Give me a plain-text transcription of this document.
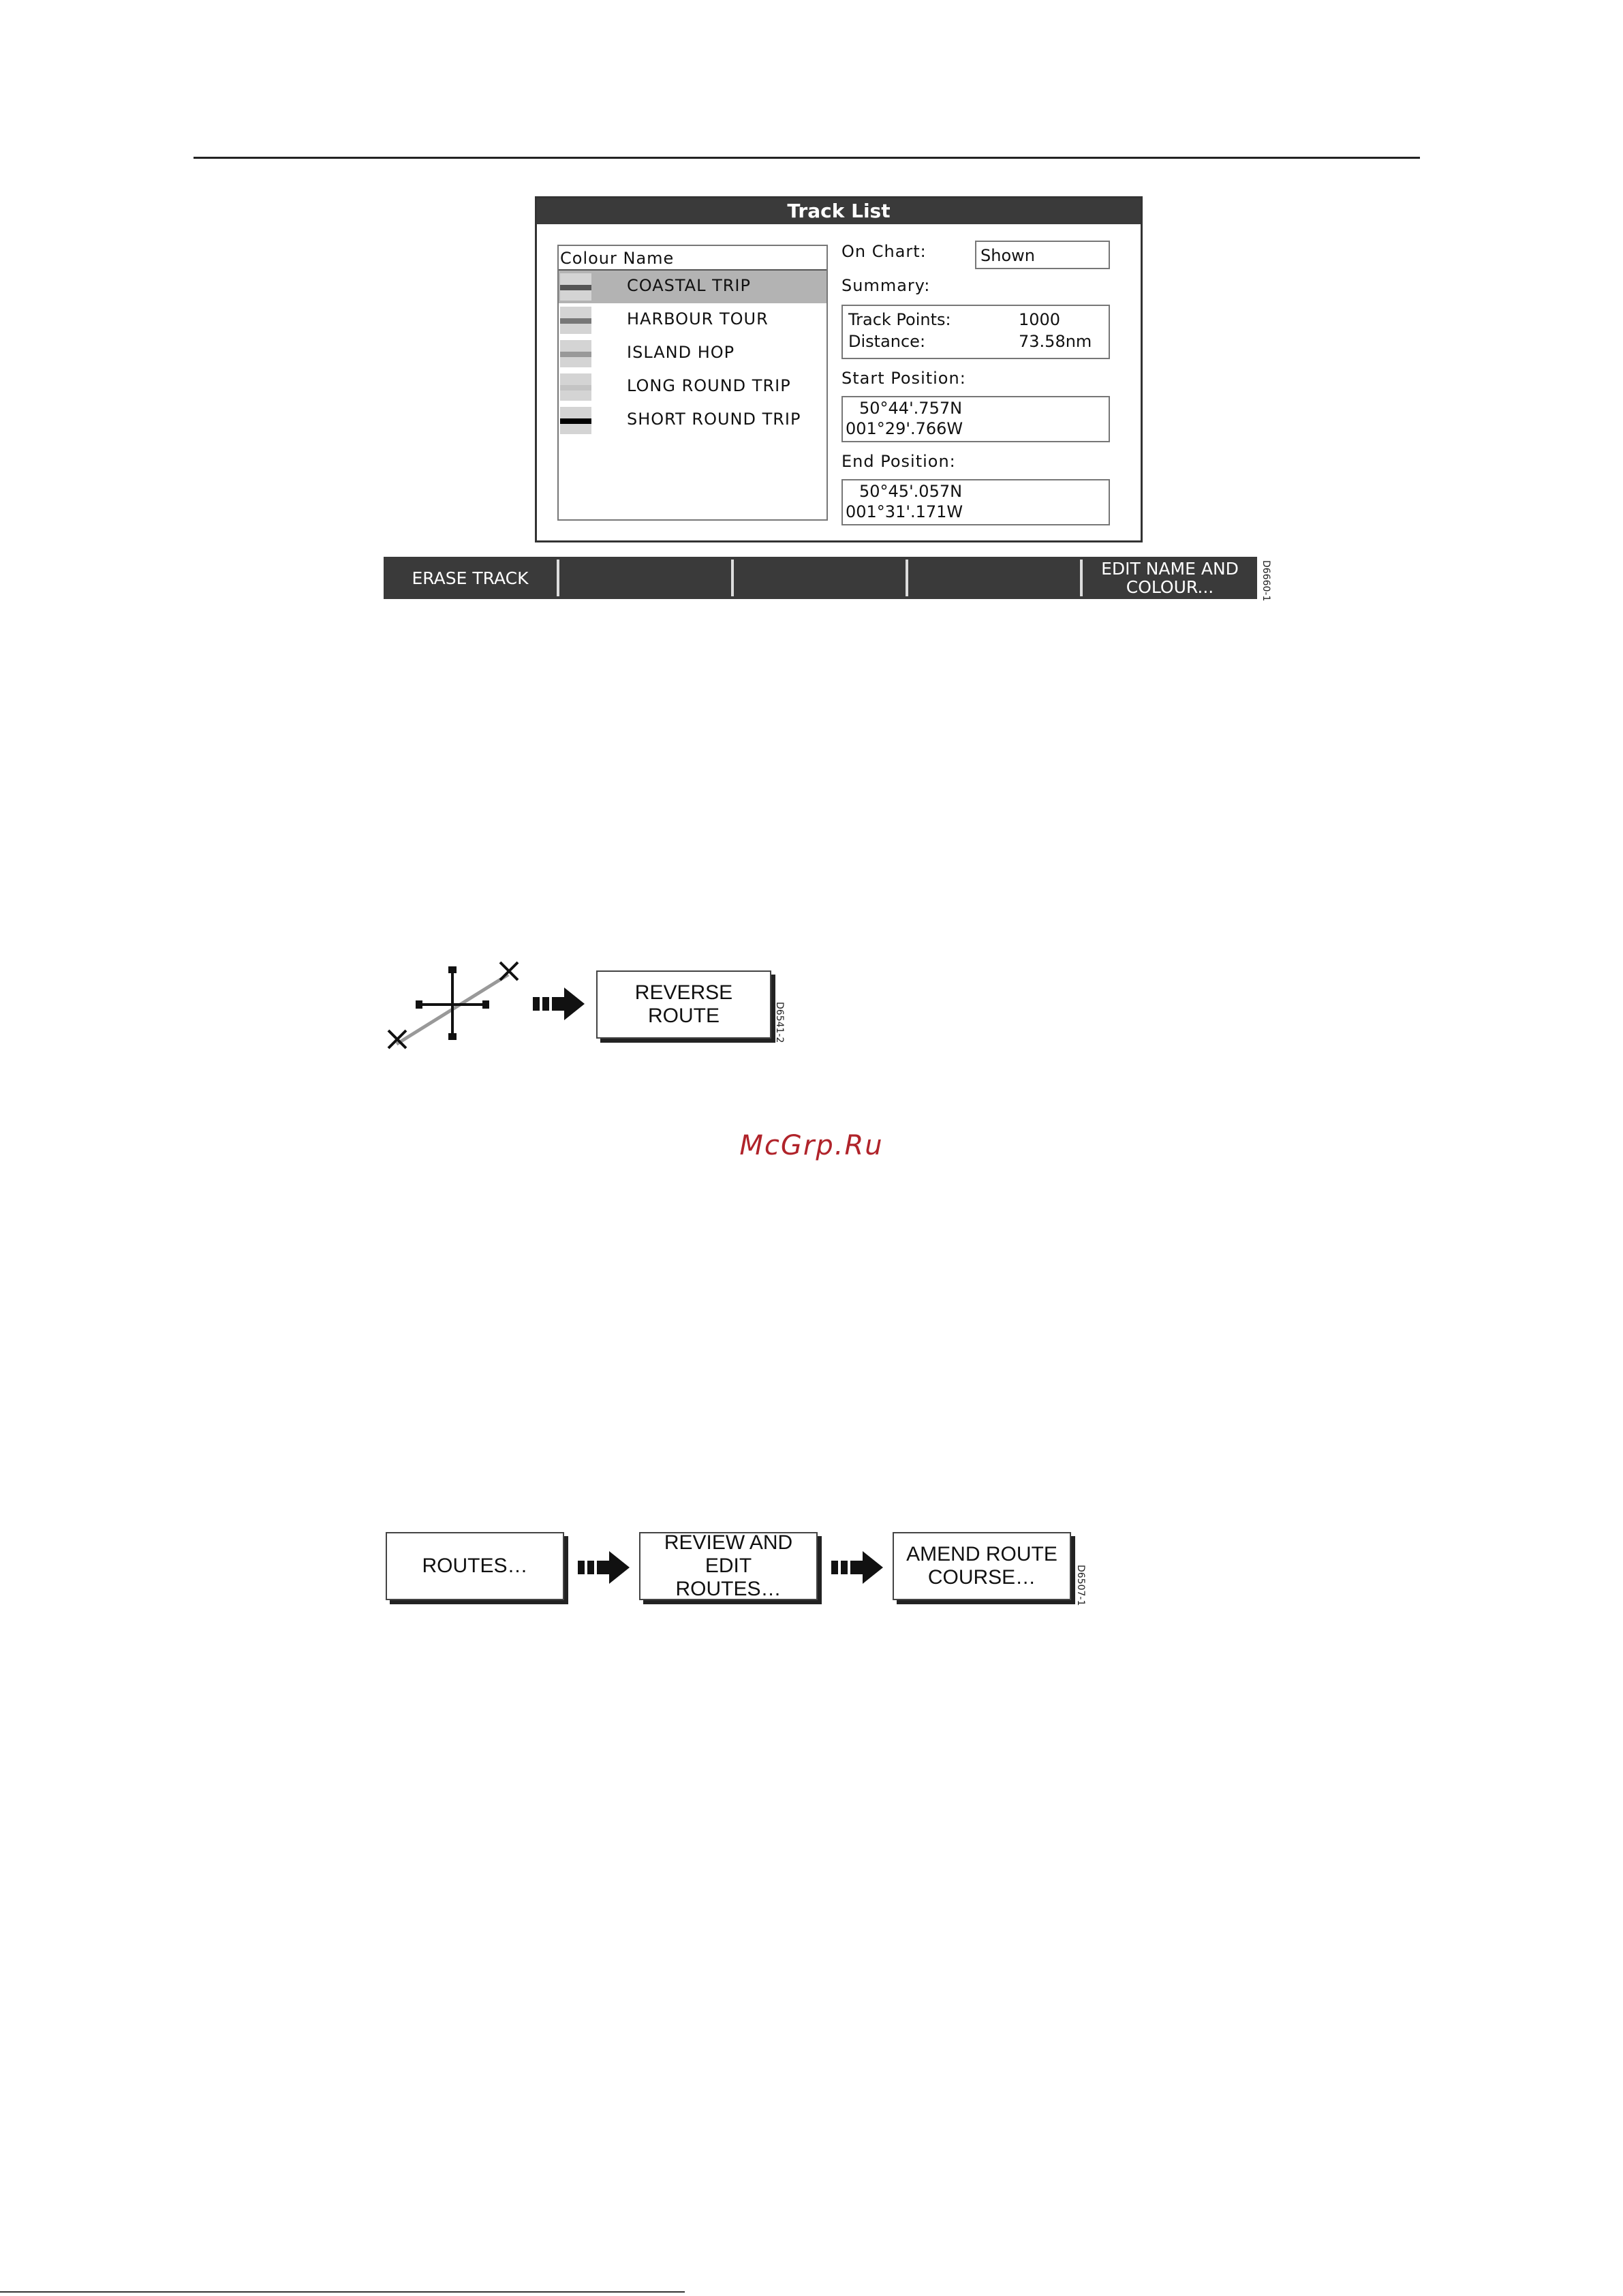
Track List
Colour Name
COASTAL TRIP
HARBOUR TOUR
ISLAND HOP
LONG ROUND TRIP
SHORT ROUND TRIP
On Chart:	Shown
Summary:
Track Points:	1000
Distance:	73.58nm
Start Position:
50°44'.757N
001°29'.766W
End Position:
50°45'.057N
001°31'.171W
ERASE TRACK	EDIT NAME AND
COLOUR...	D6660-1
REVERSE ROUTE	D6541-2
McGrp.Ru
ROUTES…
REVIEW AND EDIT
ROUTES…
AMEND ROUTE
COURSE…	D6507-1
